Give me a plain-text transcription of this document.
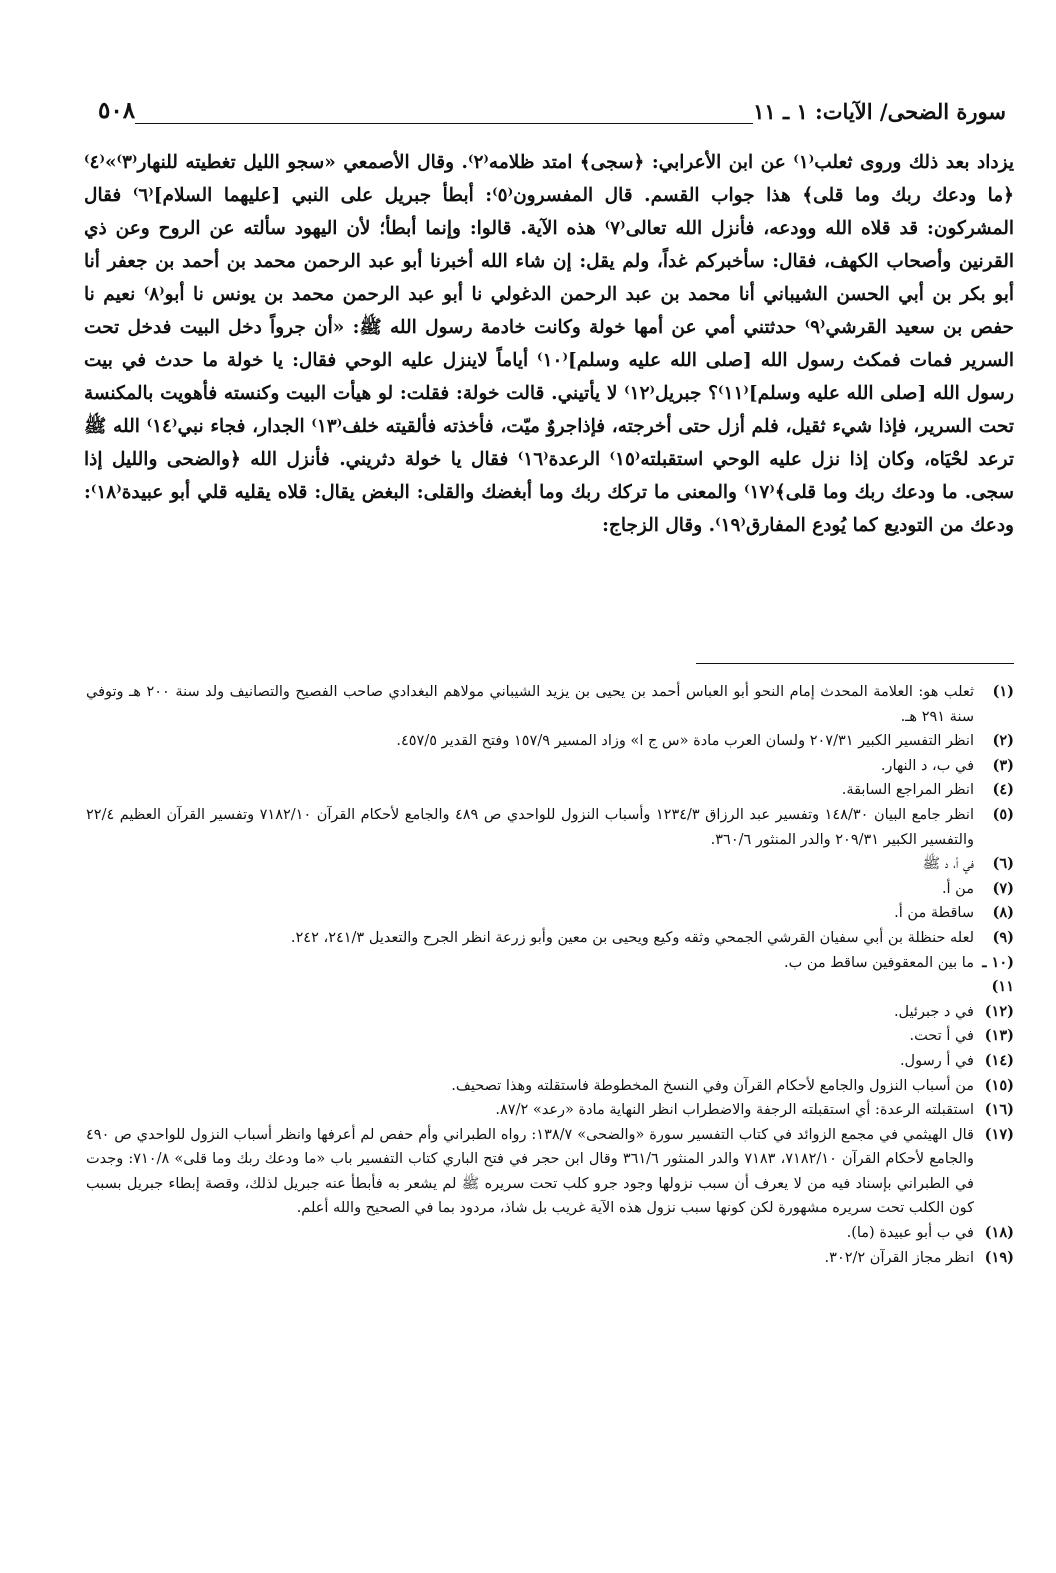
سورة الضحى/ الآيات: ١ ـ ١١
٥٠٨

يزداد بعد ذلك وروى ثعلب⁽١⁾ عن ابن الأعرابي: ﴿سجى﴾ امتد ظلامه⁽٢⁾. وقال الأصمعي «سجو الليل تغطيته للنهار⁽٣⁾»⁽٤⁾ ﴿ما ودعك ربك وما قلى﴾ هذا جواب القسم. قال المفسرون⁽٥⁾: أبطأ جبريل على النبي [عليهما السلام]⁽٦⁾ فقال المشركون: قد قلاه الله وودعه، فأنزل الله تعالى⁽٧⁾ هذه الآية. قالوا: وإنما أبطأ؛ لأن اليهود سألته عن الروح وعن ذي القرنين وأصحاب الكهف، فقال: سأخبركم غداً، ولم يقل: إن شاء الله أخبرنا أبو عبد الرحمن محمد بن أحمد بن جعفر أنا أبو بكر بن أبي الحسن الشيباني أنا محمد بن عبد الرحمن الدغولي نا أبو عبد الرحمن محمد بن يونس نا أبو⁽٨⁾ نعيم نا حفص بن سعيد القرشي⁽٩⁾ حدثتني أمي عن أمها خولة وكانت خادمة رسول الله ﷺ: «أن جرواً دخل البيت فدخل تحت السرير فمات فمكث رسول الله [صلى الله عليه وسلم]⁽١٠⁾ أياماً لاينزل عليه الوحي فقال: يا خولة ما حدث في بيت رسول الله [صلى الله عليه وسلم]⁽١١⁾؟ جبريل⁽١٢⁾ لا يأتيني. قالت خولة: فقلت: لو هيأت البيت وكنسته فأهويت بالمكنسة تحت السرير، فإذا شيء ثقيل، فلم أزل حتى أخرجته، فإذاجروٌ ميّت، فأخذته فألقيته خلف⁽١٣⁾ الجدار، فجاء نبي⁽١٤⁾ الله ﷺ ترعد لحْيَاه، وكان إذا نزل عليه الوحي استقبلته⁽١٥⁾ الرعدة⁽١٦⁾ فقال يا خولة دثريني. فأنزل الله ﴿والضحى والليل إذا سجى. ما ودعك ربك وما قلى﴾⁽١٧⁾ والمعنى ما تركك ربك وما أبغضك والقلى: البغض يقال: قلاه يقليه قلي أبو عبيدة⁽١٨⁾: ودعك من التوديع كما يُودع المفارق⁽١٩⁾. وقال الزجاج:

(١)
ثعلب هو: العلامة المحدث إمام النحو أبو العباس أحمد بن يحيى بن يزيد الشيباني مولاهم البغدادي صاحب الفصيح والتصانيف ولد سنة ٢٠٠ هـ وتوفي سنة ٢٩١ هـ.
(٢)
انظر التفسير الكبير ٢٠٧/٣١ ولسان العرب مادة «س ج ا» وزاد المسير ١٥٧/٩ وفتح القدير ٤٥٧/٥.
(٣)
في ب، د النهار.
(٤)
انظر المراجع السابقة.
(٥)
انظر جامع البيان ١٤٨/٣٠ وتفسير عبد الرزاق ١٢٣٤/٣ وأسباب النزول للواحدي ص ٤٨٩ والجامع لأحكام القرآن ٧١٨٢/١٠ وتفسير القرآن العظيم ٢٢/٤ والتفسير الكبير ٢٠٩/٣١ والدر المنثور ٣٦٠/٦.
(٦)
في أ، د ﷺ
(٧)
من أ.
(٨)
ساقطة من أ.
(٩)
لعله حنظلة بن أبي سفيان القرشي الجمحي وثقه وكيع ويحيى بن معين وأبو زرعة انظر الجرح والتعديل ٢٤١/٣، ٢٤٢.
(١٠ ـ ١١)
ما بين المعقوفين ساقط من ب.
(١٢)
في د جبرئيل.
(١٣)
في أ تحت.
(١٤)
في أ رسول.
(١٥)
من أسباب النزول والجامع لأحكام القرآن وفي النسخ المخطوطة فاستقلته وهذا تصحيف.
(١٦)
استقبلته الرعدة: أي استقبلته الرجفة والاضطراب انظر النهاية مادة «رعد» ٨٧/٢.
(١٧)
قال الهيثمي في مجمع الزوائد في كتاب التفسير سورة «والضحى» ١٣٨/٧: رواه الطبراني وأم حفص لم أعرفها وانظر أسباب النزول للواحدي ص ٤٩٠ والجامع لأحكام القرآن ٧١٨٢/١٠، ٧١٨٣ والدر المنثور ٣٦١/٦ وقال ابن حجر في فتح الباري كتاب التفسير باب «ما ودعك ربك وما قلى» ٧١٠/٨: وجدت في الطبراني بإسناد فيه من لا يعرف أن سبب نزولها وجود جرو كلب تحت سريره ﷺ لم يشعر به فأبطأ عنه جبريل لذلك، وقصة إبطاء جبريل بسبب كون الكلب تحت سريره مشهورة لكن كونها سبب نزول هذه الآية غريب بل شاذ، مردود بما في الصحيح والله أعلم.
(١٨)
في ب أبو عبيدة (ما).
(١٩)
انظر مجاز القرآن ٣٠٢/٢.
